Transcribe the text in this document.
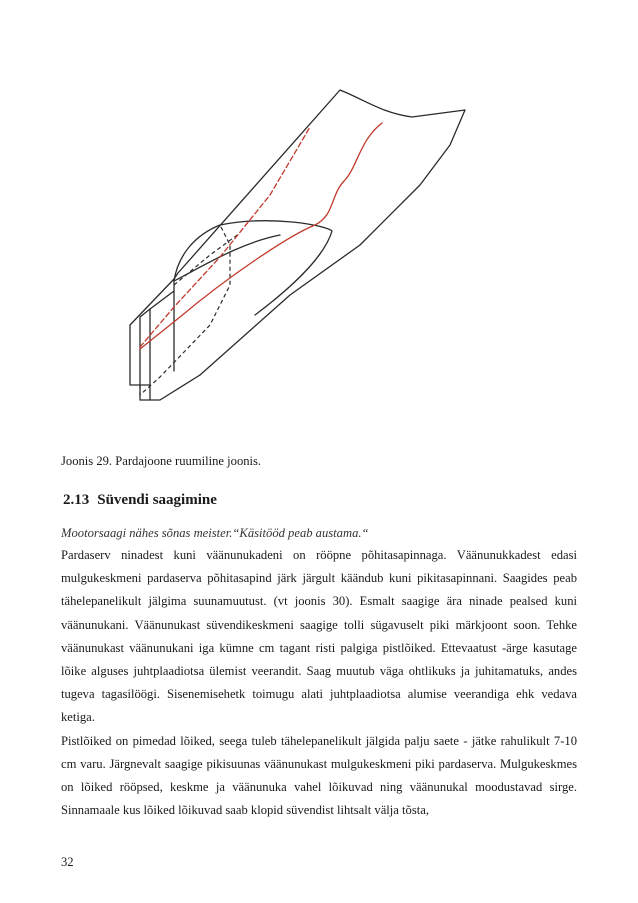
Joonis 29. Pardajoone ruumiline joonis.
2.13 Süvendi saagimine
Mootorsaagi nähes sõnas meister.“Käsitööd peab austama.“

Pardaserv ninadest kuni väänunukadeni on rööpne põhitasapinnaga. Väänunukkadest edasi mulgukeskmeni pardaserva põhitasapind järk järgult käändub kuni pikitasapinnani. Saagides peab tähelepanelikult jälgima suunamuutust. (vt joonis 30). Esmalt saagige ära ninade pealsed kuni väänunukani. Väänunukast süvendikeskmeni saagige tolli sügavuselt piki märkjoont soon. Tehke väänunukast väänunukani iga kümne cm tagant risti palgiga pistlõiked. Ettevaatust -ärge kasutage lõike alguses juhtplaadiotsa ülemist veerandit. Saag muutub väga ohtlikuks ja juhitamatuks, andes tugeva tagasilöögi. Sisenemisehetk toimugu alati juhtplaadiotsa alumise veerandiga ehk vedava ketiga.

Pistlõiked on pimedad lõiked, seega tuleb tähelepanelikult jälgida palju saete - jätke rahulikult 7-10 cm varu. Järgnevalt saagige pikisuunas väänunukast mulgukeskmeni piki pardaserva. Mulgukeskmes on lõiked rööpsed, keskme ja väänunuka vahel lõikuvad ning väänunukal moodustavad sirge. Sinnamaale kus lõiked lõikuvad saab klopid süvendist lihtsalt välja tõsta,

32
